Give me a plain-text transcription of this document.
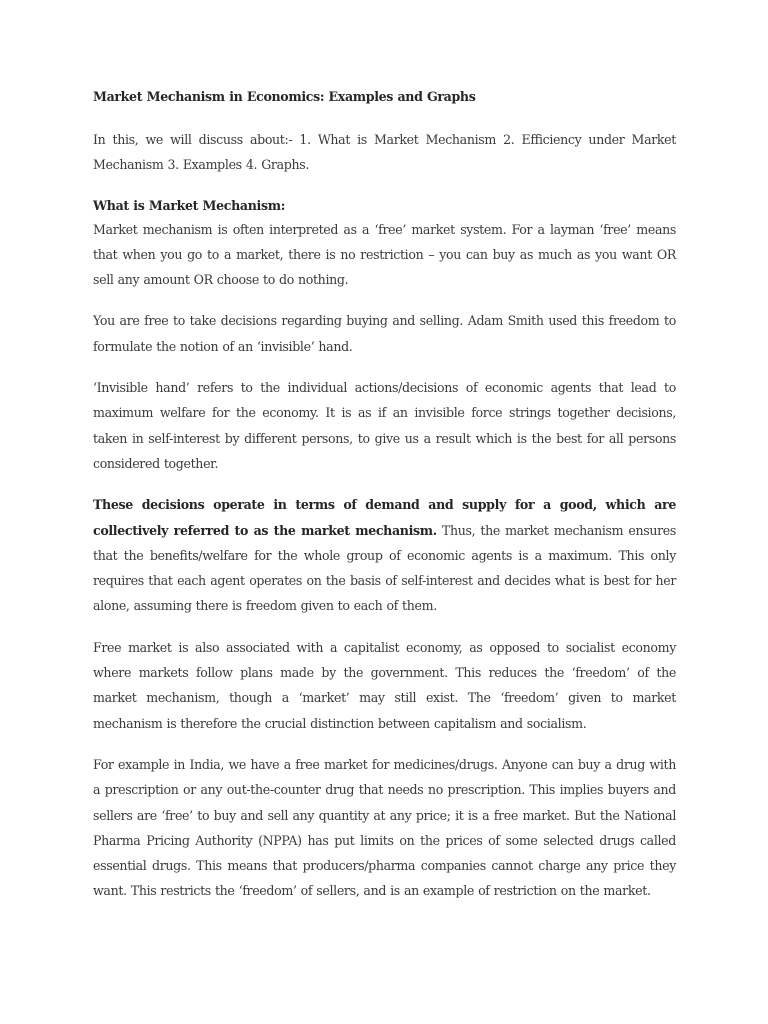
Market Mechanism in Economics: Examples and Graphs

In this, we will discuss about:- 1. What is Market Mechanism 2. Efficiency under Market Mechanism 3. Examples 4. Graphs.

What is Market Mechanism:

Market mechanism is often interpreted as a ‘free’ market system. For a layman ‘free’ means that when you go to a market, there is no restriction – you can buy as much as you want OR sell any amount OR choose to do nothing.

You are free to take decisions regarding buying and selling. Adam Smith used this freedom to formulate the notion of an ‘invisible’ hand.

‘Invisible hand’ refers to the individual actions/decisions of economic agents that lead to maximum welfare for the economy. It is as if an invisible force strings together decisions, taken in self-interest by different persons, to give us a result which is the best for all persons considered together.

These decisions operate in terms of demand and supply for a good, which are collectively referred to as the market mechanism. Thus, the market mechanism ensures that the benefits/welfare for the whole group of economic agents is a maximum. This only requires that each agent operates on the basis of self-interest and decides what is best for her alone, assuming there is freedom given to each of them.

Free market is also associated with a capitalist economy, as opposed to socialist economy where markets follow plans made by the government. This reduces the ‘freedom’ of the market mechanism, though a ‘market’ may still exist. The ‘freedom’ given to market mechanism is therefore the crucial distinction between capitalism and socialism.

For example in India, we have a free market for medicines/drugs. Anyone can buy a drug with a prescription or any out-the-counter drug that needs no prescription. This implies buyers and sellers are ‘free’ to buy and sell any quantity at any price; it is a free market. But the National Pharma Pricing Authority (NPPA) has put limits on the prices of some selected drugs called essential drugs. This means that producers/pharma companies cannot charge any price they want. This restricts the ‘freedom’ of sellers, and is an example of restriction on the market.
